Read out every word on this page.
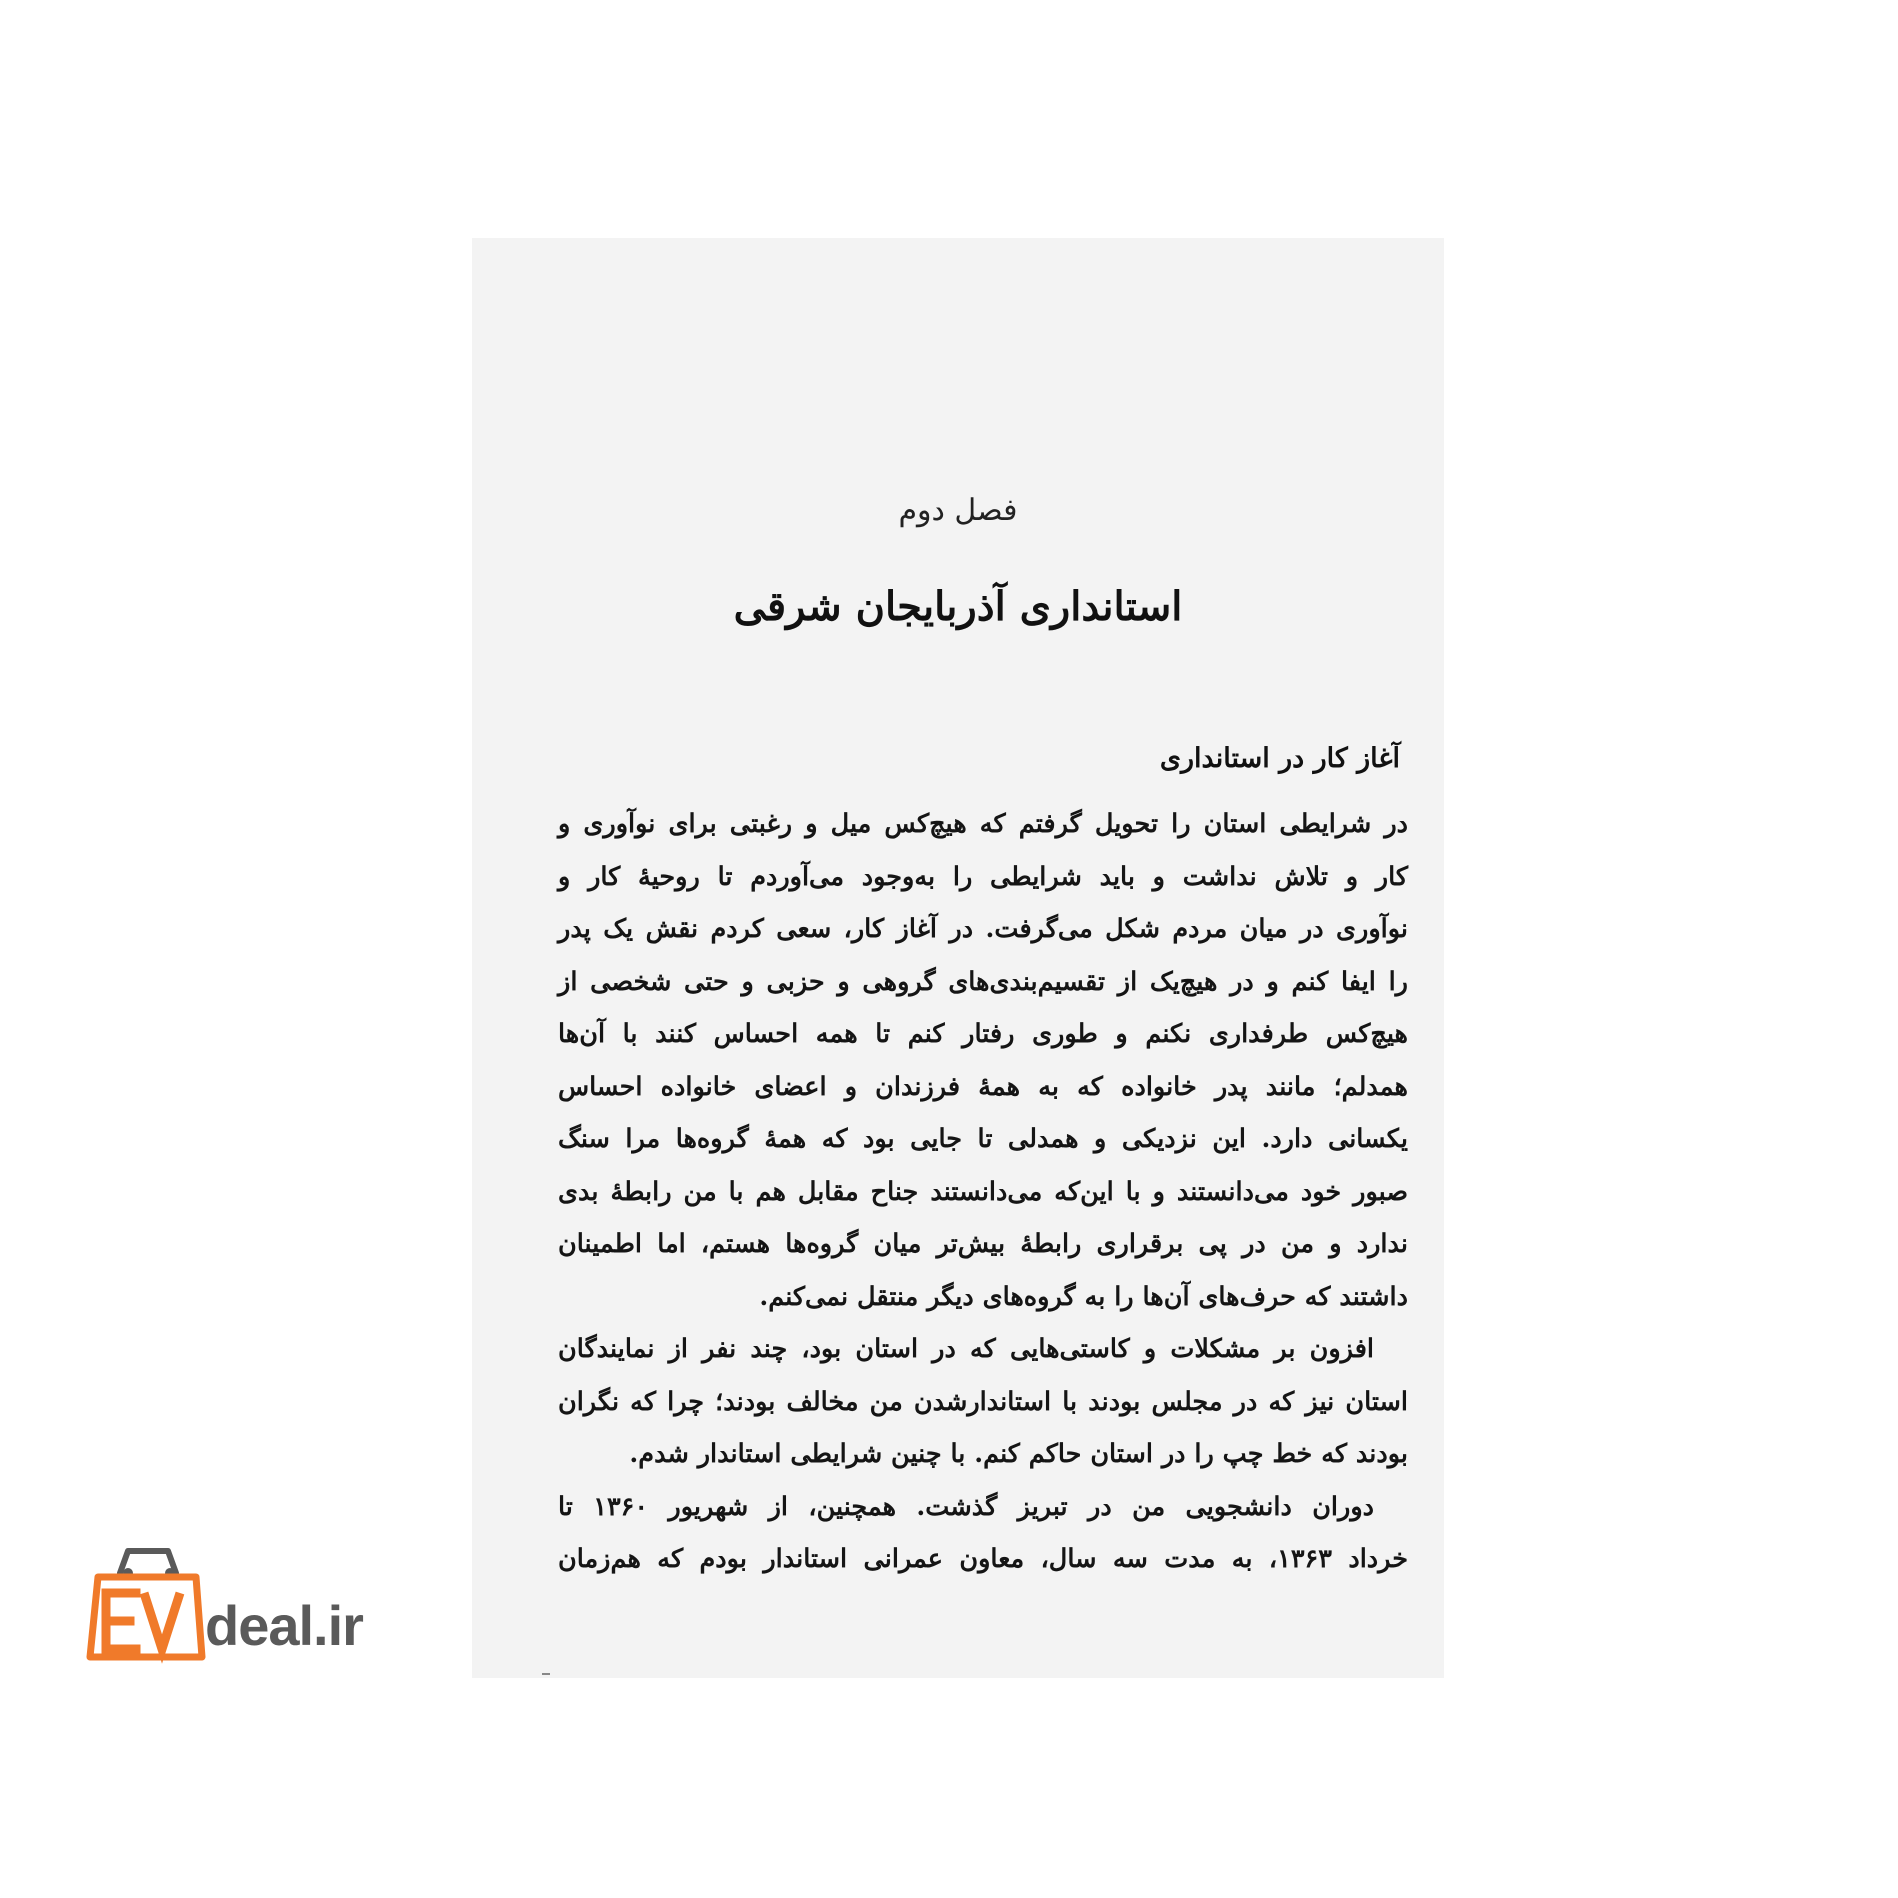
فصل دوم
استانداری آذربایجان شرقی
آغاز کار در استانداری
در شرایطی استان را تحویل گرفتم که هیچ‌کس میل و رغبتی برای نوآوری و
کار و تلاش نداشت و باید شرایطی را به‌وجود می‌آوردم تا روحیهٔ کار و
نوآوری در میان مردم شکل می‌گرفت. در آغاز کار، سعی کردم نقش یک پدر
را ایفا کنم و در هیچ‌یک از تقسیم‌بندی‌های گروهی و حزبی و حتی شخصی از
هیچ‌کس طرفداری نکنم و طوری رفتار کنم تا همه احساس کنند با آن‌ها
همدلم؛ مانند پدر خانواده که به همهٔ فرزندان و اعضای خانواده احساس
یکسانی دارد. این نزدیکی و همدلی تا جایی بود که همهٔ گروه‌ها مرا سنگ
صبور خود می‌دانستند و با این‌که می‌دانستند جناح مقابل هم با من رابطهٔ بدی
ندارد و من در پی برقراری رابطهٔ بیش‌تر میان گروه‌ها هستم، اما اطمینان
داشتند که حرف‌های آن‌ها را به گروه‌های دیگر منتقل نمی‌کنم.
افزون بر مشکلات و کاستی‌هایی که در استان بود، چند نفر از نمایندگان
استان نیز که در مجلس بودند با استاندارشدن من مخالف بودند؛ چرا که نگران
بودند که خط چپ را در استان حاکم کنم. با چنین شرایطی استاندار شدم.
دوران دانشجویی من در تبریز گذشت. همچنین، از شهریور ۱۳۶۰ تا
خرداد ۱۳۶۳، به مدت سه سال، معاون عمرانی استاندار بودم که هم‌زمان
deal.ir
